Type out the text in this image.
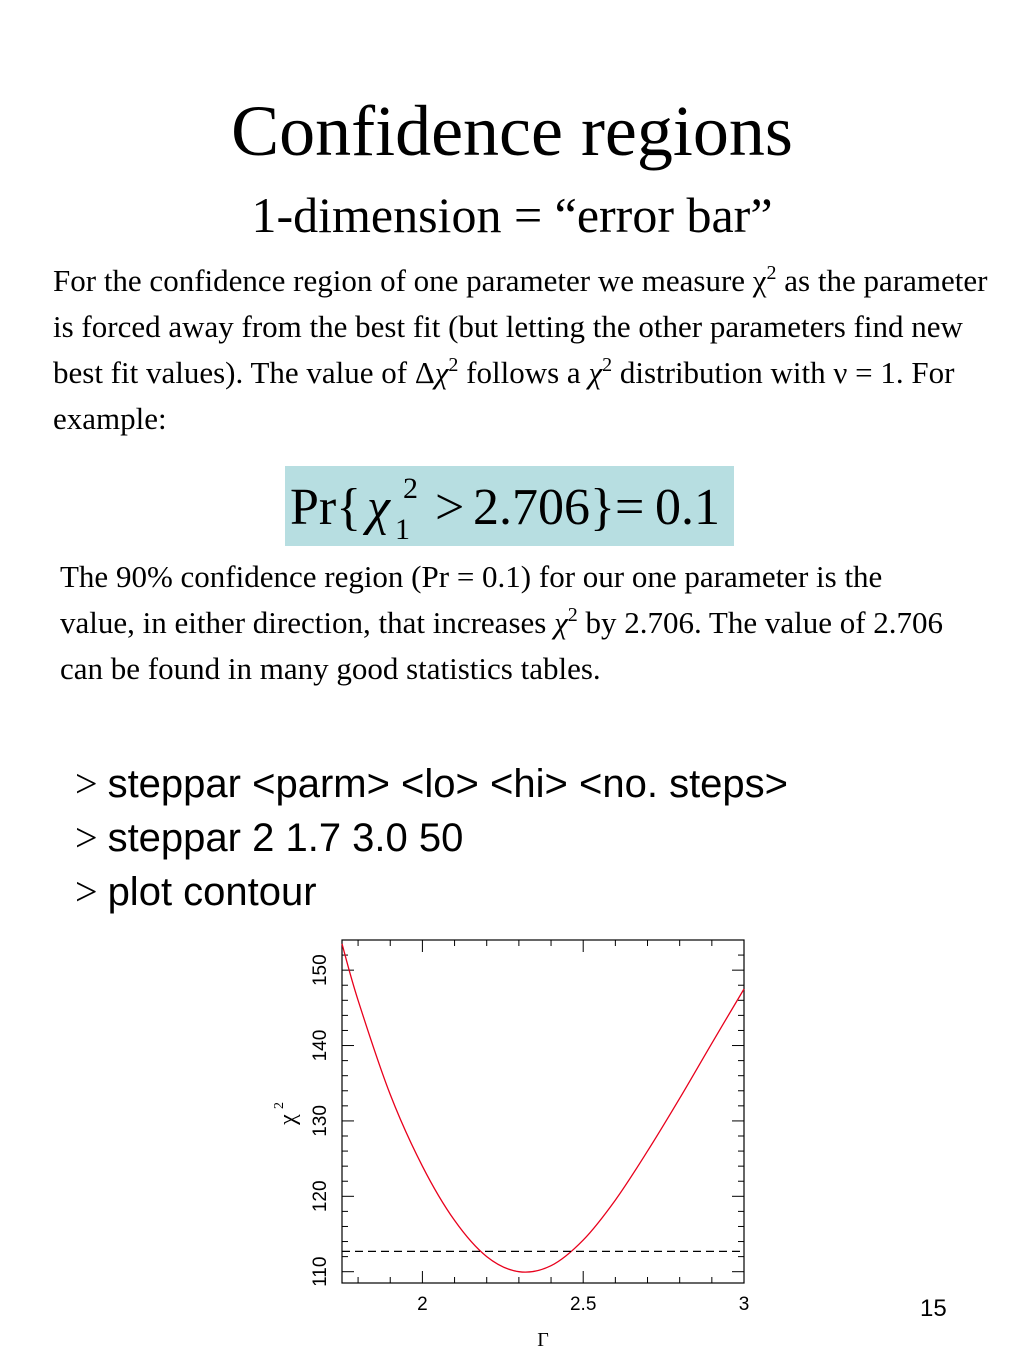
Confidence regions
1-dimension = “error bar”
For the confidence region of one parameter we measure $\chi^2$ as the parameter is forced away from the best fit (but letting the other parameters find new best fit values). The value of $\Delta\chi^2$ follows a $\chi^2$ distribution with ν = 1. For example:
Pr{ χ 2
1 > 2.706} = 0.1
The 90% confidence region (Pr = 0.1) for our one parameter is the value, in either direction, that increases $\chi^2$ by 2.706. The value of 2.706 can be found in many good statistics tables.
> steppar <parm> <lo> <hi> <no. steps>
> steppar 2 1.7 3.0 50
> plot contour
2	2.5	3
110
120
130
140
150
Γ
χ
2
15
